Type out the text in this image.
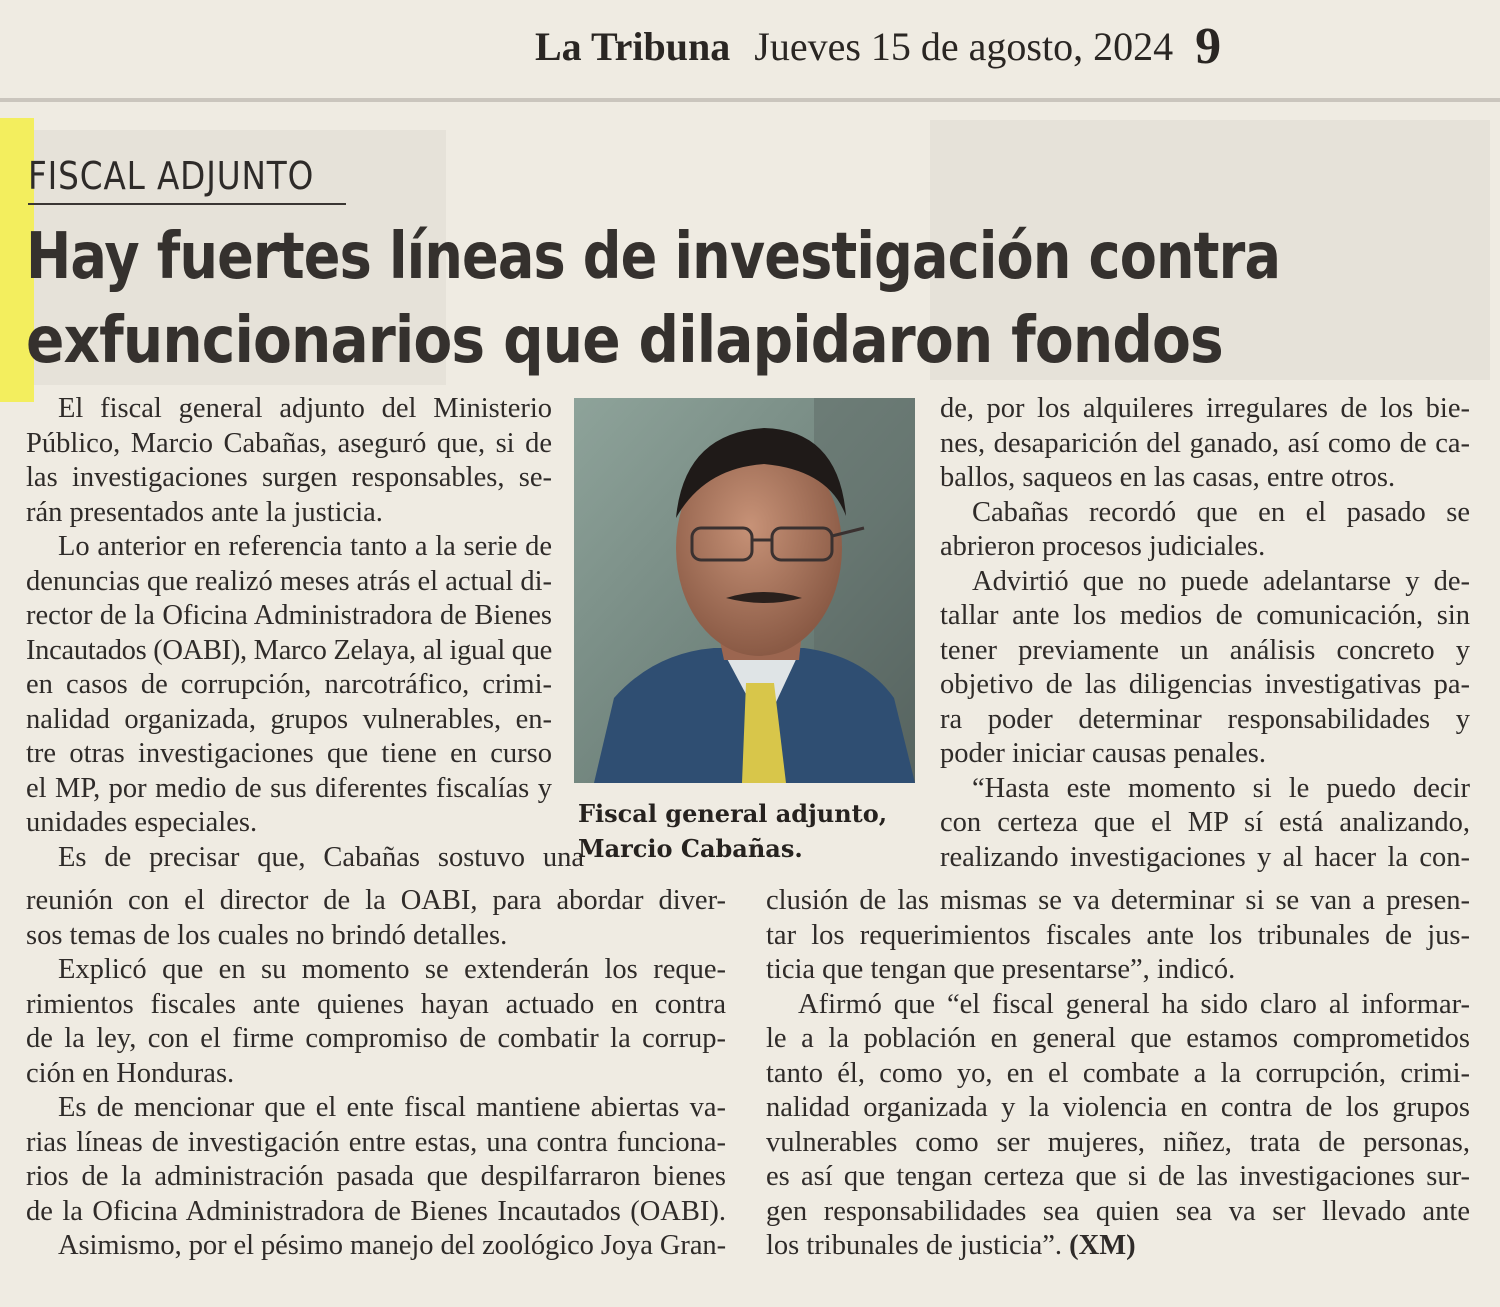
La Tribuna Jueves 15 de agosto, 2024 9
FISCAL ADJUNTO
Hay fuertes líneas de investigación contra
exfuncionarios que dilapidaron fondos
El fiscal general adjunto del Ministerio
Público, Marcio Cabañas, aseguró que, si de
las investigaciones surgen responsables, se-
rán presentados ante la justicia.
Lo anterior en referencia tanto a la serie de
denuncias que realizó meses atrás el actual di-
rector de la Oficina Administradora de Bienes
Incautados (OABI), Marco Zelaya, al igual que
en casos de corrupción, narcotráfico, crimi-
nalidad organizada, grupos vulnerables, en-
tre otras investigaciones que tiene en curso
el MP, por medio de sus diferentes fiscalías y
unidades especiales.
Es de precisar que, Cabañas sostuvo una
reunión con el director de la OABI, para abordar diver-
sos temas de los cuales no brindó detalles.
Explicó que en su momento se extenderán los reque-
rimientos fiscales ante quienes hayan actuado en contra
de la ley, con el firme compromiso de combatir la corrup-
ción en Honduras.
Es de mencionar que el ente fiscal mantiene abiertas va-
rias líneas de investigación entre estas, una contra funciona-
rios de la administración pasada que despilfarraron bienes
de la Oficina Administradora de Bienes Incautados (OABI).
Asimismo, por el pésimo manejo del zoológico Joya Gran-
Fiscal general adjunto,
Marcio Cabañas.
de, por los alquileres irregulares de los bie-
nes, desaparición del ganado, así como de ca-
ballos, saqueos en las casas, entre otros.
Cabañas recordó que en el pasado se
abrieron procesos judiciales.
Advirtió que no puede adelantarse y de-
tallar ante los medios de comunicación, sin
tener previamente un análisis concreto y
objetivo de las diligencias investigativas pa-
ra poder determinar responsabilidades y
poder iniciar causas penales.
“Hasta este momento si le puedo decir
con certeza que el MP sí está analizando,
realizando investigaciones y al hacer la con-
clusión de las mismas se va determinar si se van a presen-
tar los requerimientos fiscales ante los tribunales de jus-
ticia que tengan que presentarse”, indicó.
Afirmó que “el fiscal general ha sido claro al informar-
le a la población en general que estamos comprometidos
tanto él, como yo, en el combate a la corrupción, crimi-
nalidad organizada y la violencia en contra de los grupos
vulnerables como ser mujeres, niñez, trata de personas,
es así que tengan certeza que si de las investigaciones sur-
gen responsabilidades sea quien sea va ser llevado ante
los tribunales de justicia”. (XM)
